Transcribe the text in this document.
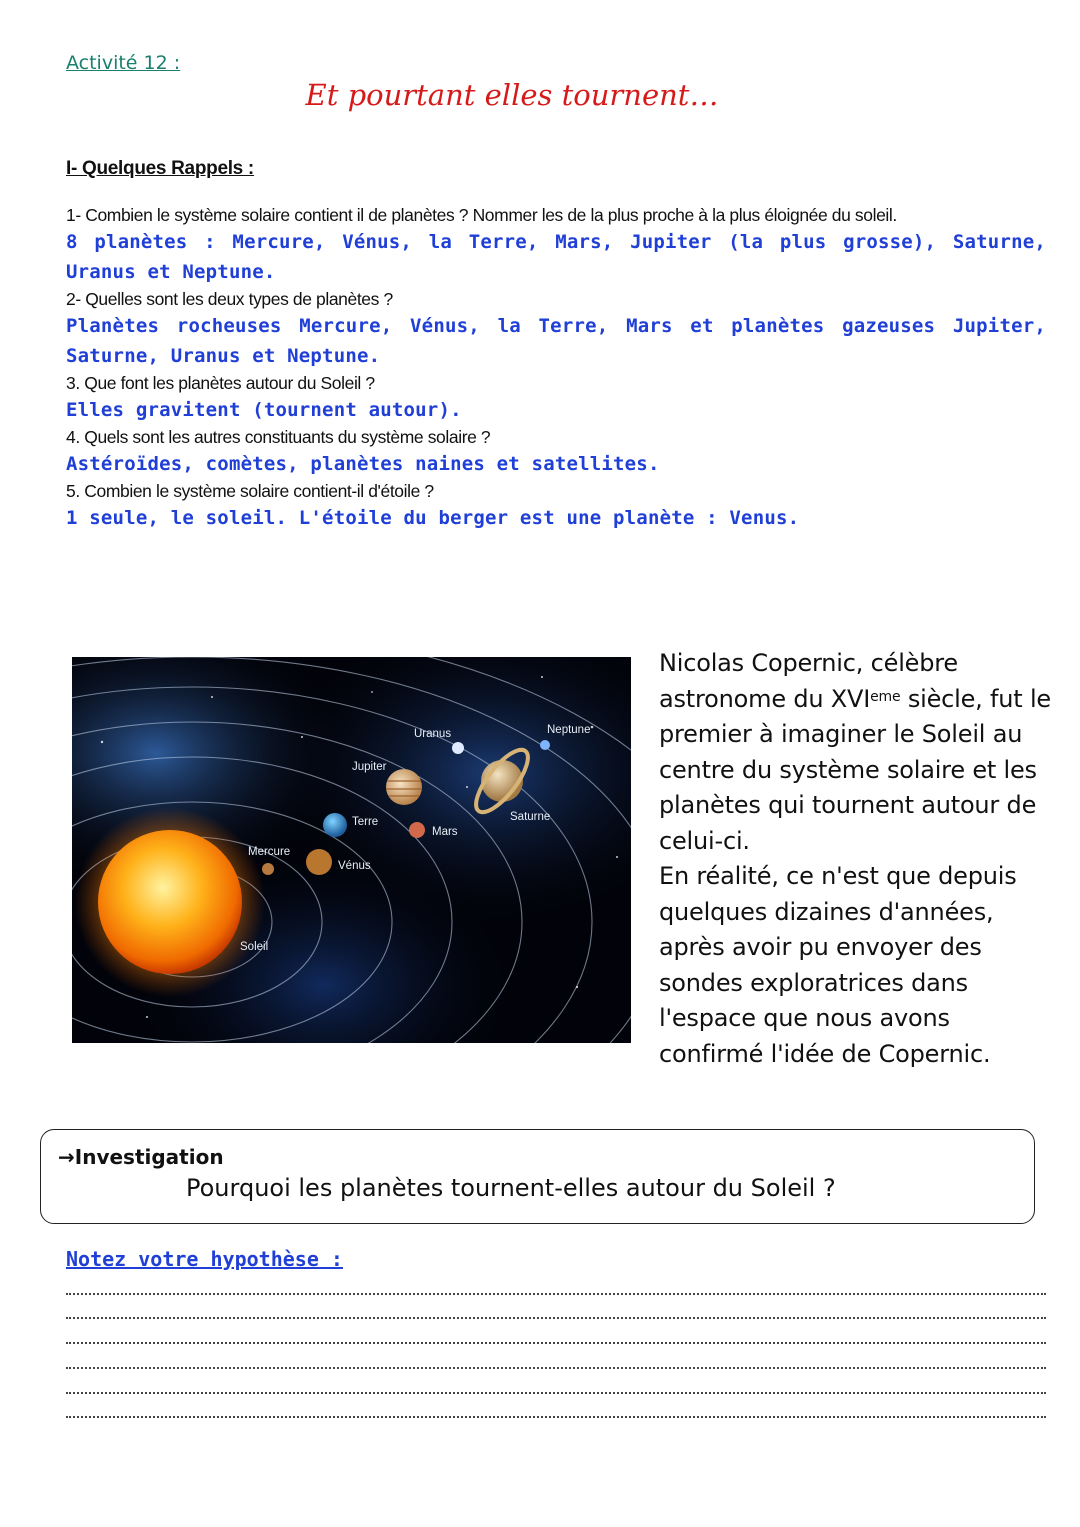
Activité 12 :
Et pourtant elles tournent…
I- Quelques Rappels :
1- Combien le système solaire contient il de planètes ? Nommer les de la plus proche à la plus éloignée du soleil.
8 planètes : Mercure, Vénus, la Terre, Mars, Jupiter (la plus grosse), Saturne, Uranus et Neptune.
2- Quelles sont les deux types de planètes ?
Planètes rocheuses Mercure, Vénus, la Terre, Mars et planètes gazeuses Jupiter, Saturne, Uranus et Neptune.
3. Que font les planètes autour du Soleil ?
Elles gravitent (tournent autour).
4. Quels sont les autres constituants du système solaire ?
Astéroïdes, comètes, planètes naines et satellites.
5. Combien le système solaire contient-il d'étoile ?
1 seule, le soleil. L'étoile du berger est une planète : Venus.
Soleil
Mercure
Vénus
Terre
Mars
Jupiter
Saturne
Uranus	Neptune
Nicolas Copernic, célèbre astronome du XVIeme siècle, fut le premier à imaginer le Soleil au centre du système solaire et les planètes qui tournent autour de celui-ci.
En réalité, ce n'est que depuis quelques dizaines d'années, après avoir pu envoyer des sondes exploratrices dans l'espace que nous avons confirmé l'idée de Copernic.
→Investigation
Pourquoi les planètes tournent-elles autour du Soleil ?
Notez votre hypothèse :
